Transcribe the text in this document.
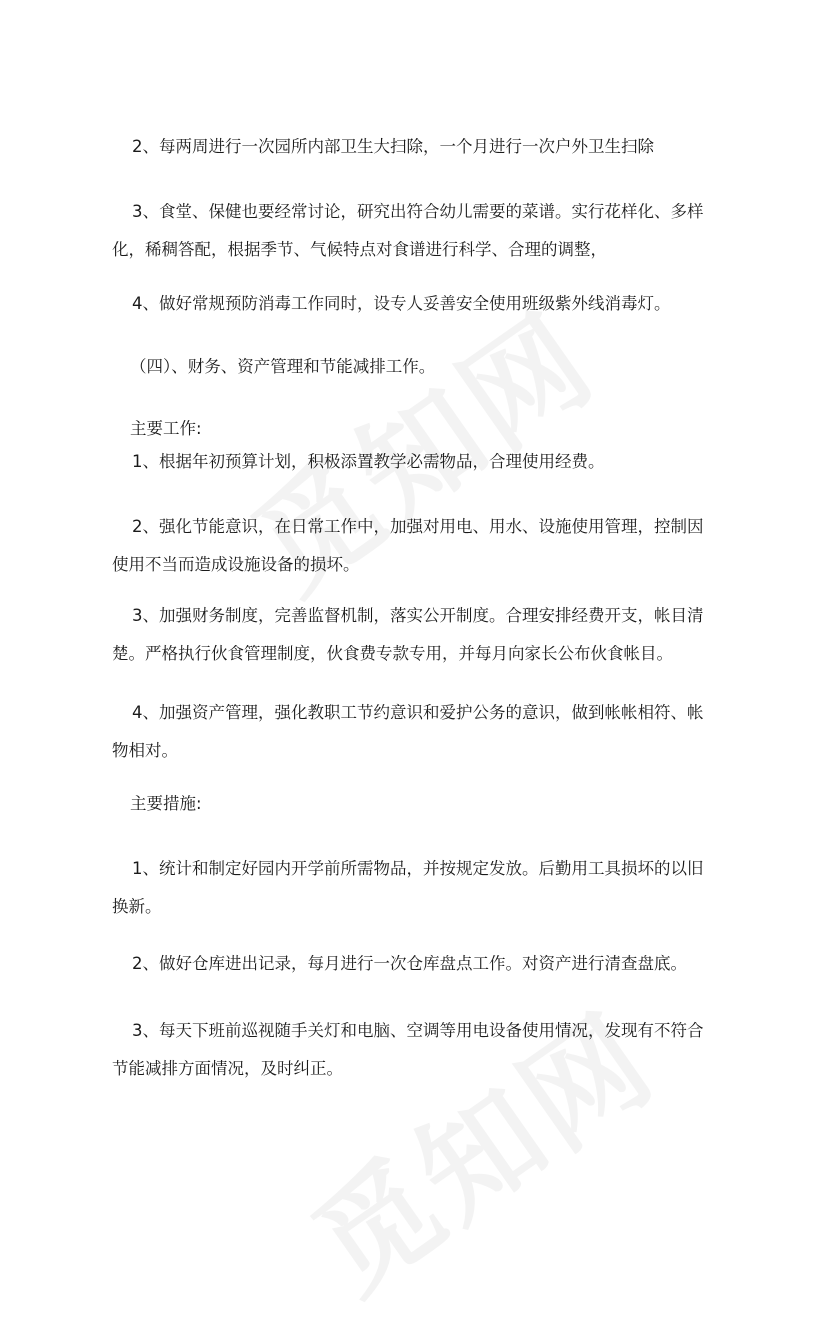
2、每两周进行一次园所内部卫生大扫除，一个月进行一次户外卫生扫除

3、食堂、保健也要经常讨论，研究出符合幼儿需要的菜谱。实行花样化、多样化，稀稠答配，根据季节、气候特点对食谱进行科学、合理的调整，

4、做好常规预防消毒工作同时，设专人妥善安全使用班级紫外线消毒灯。

（四）、财务、资产管理和节能减排工作。

主要工作:

1、根据年初预算计划，积极添置教学必需物品，合理使用经费。

2、强化节能意识，在日常工作中，加强对用电、用水、设施使用管理，控制因使用不当而造成设施设备的损坏。

3、加强财务制度，完善监督机制，落实公开制度。合理安排经费开支，帐目清楚。严格执行伙食管理制度，伙食费专款专用，并每月向家长公布伙食帐目。

4、加强资产管理，强化教职工节约意识和爱护公务的意识，做到帐帐相符、帐物相对。

主要措施:

1、统计和制定好园内开学前所需物品，并按规定发放。后勤用工具损坏的以旧换新。

2、做好仓库进出记录，每月进行一次仓库盘点工作。对资产进行清查盘底。

3、每天下班前巡视随手关灯和电脑、空调等用电设备使用情况，发现有不符合节能减排方面情况，及时纠正。
